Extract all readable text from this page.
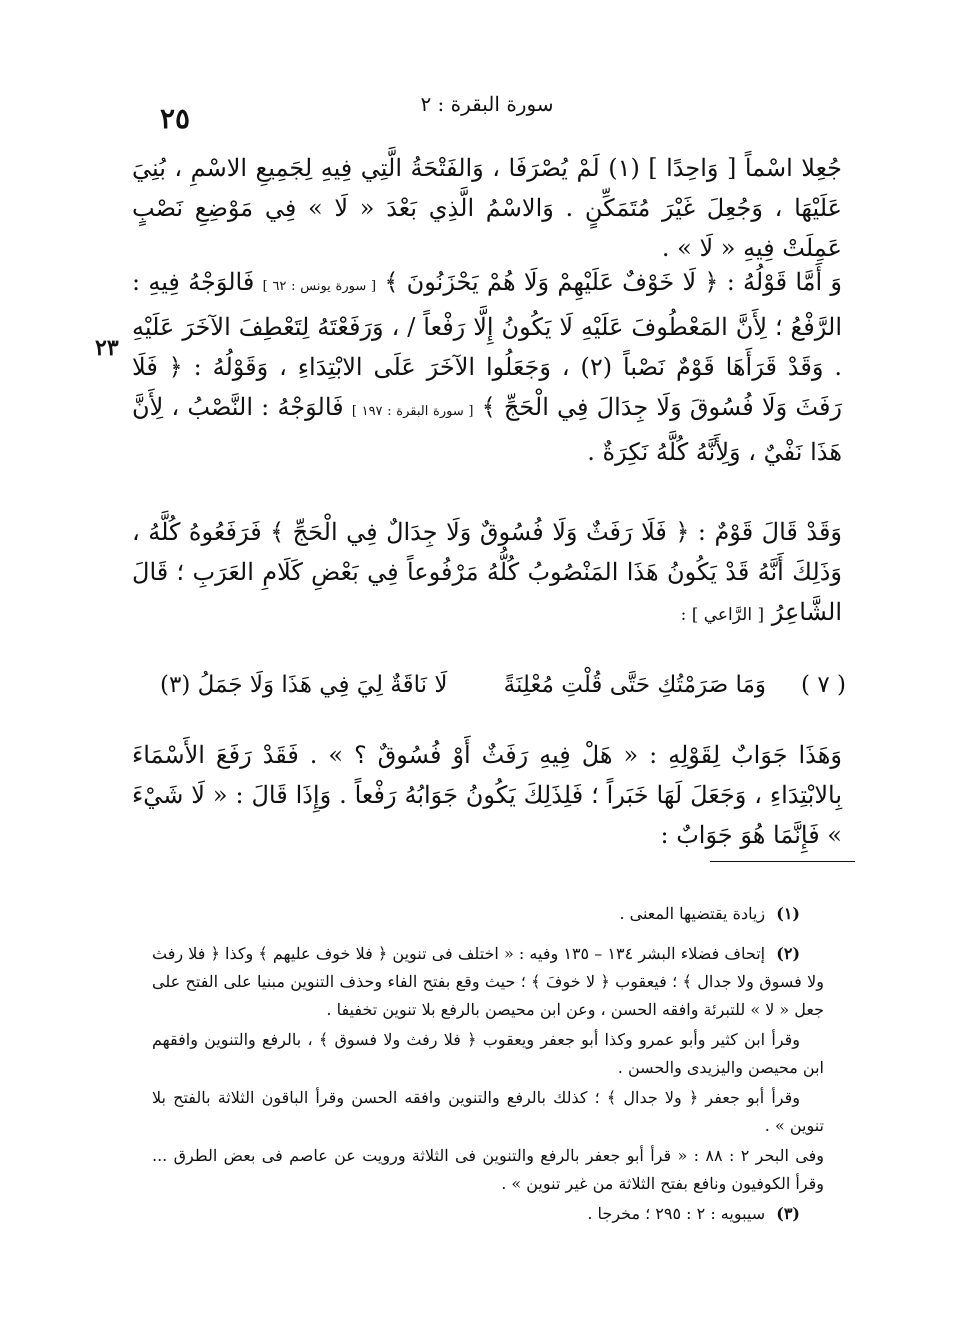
٢٥	سورة البقرة : ٢
٢٣

جُعِلا اسْماً [ وَاحِدًا ] (١) لَمْ يُصْرَفَا ، وَالفَتْحَةُ الَّتِي فِيهِ لِجَمِيعِ الاسْمِ ، بُنِيَ عَلَيْهَا ، وَجُعِلَ غَيْرَ مُتَمَكِّنٍ . وَالاسْمُ الَّذِي بَعْدَ « لَا » فِي مَوْضِعِ نَصْبٍ عَمِلَتْ فِيهِ « لَا » .

وَ أَمَّا قَوْلُهُ : ﴿ لَا خَوْفٌ عَلَيْهِمْ وَلَا هُمْ يَحْزَنُونَ ﴾ [ سورة يونس : ٦٢ ] فَالوَجْهُ فِيهِ : الرَّفْعُ ؛ لِأَنَّ المَعْطُوفَ عَلَيْهِ لَا يَكُونُ إِلَّا رَفْعاً / ، وَرَفَعْتَهُ لِتَعْطِفَ الآخَرَ عَلَيْهِ . وَقَدْ قَرَأَهَا قَوْمٌ نَصْباً (٢) ، وَجَعَلُوا الآخَرَ عَلَى الابْتِدَاءِ ، وَقَوْلُهُ : ﴿ فَلَا رَفَثَ وَلَا فُسُوقَ وَلَا جِدَالَ فِي الْحَجِّ ﴾ [ سورة البقرة : ١٩٧ ] فَالوَجْهُ : النَّصْبُ ، لِأَنَّ هَذَا نَفْيٌ ، وَلِأَنَّهُ كُلَّهُ نَكِرَةٌ .

وَقَدْ قَالَ قَوْمٌ : ﴿ فَلَا رَفَثٌ وَلَا فُسُوقٌ وَلَا جِدَالٌ فِي الْحَجِّ ﴾ فَرَفَعُوهُ كُلَّهُ ، وَذَلِكَ أَنَّهُ قَدْ يَكُونُ هَذَا المَنْصُوبُ كُلُّهُ مَرْفُوعاً فِي بَعْضِ كَلَامِ العَرَبِ ؛ قَالَ الشَّاعِرُ [ الرَّاعي ] :

( ٧ )
وَمَا صَرَمْتُكِ حَتَّى قُلْتِ مُعْلِنَةً
لَا نَاقَةٌ لِيَ فِي هَذَا وَلَا جَمَلُ (٣)

وَهَذَا جَوَابٌ لِقَوْلِهِ : « هَلْ فِيهِ رَفَثٌ أَوْ فُسُوقٌ ؟ » . فَقَدْ رَفَعَ الأَسْمَاءَ بِالابْتِدَاءِ ، وَجَعَلَ لَهَا خَبَراً ؛ فَلِذَلِكَ يَكُونُ جَوَابُهُ رَفْعاً . وَإِذَا قَالَ : « لَا شَيْءَ » فَإِنَّمَا هُوَ جَوَابٌ :

(١) زيادة يقتضيها المعنى .

(٢) إتحاف فضلاء البشر ١٣٤ – ١٣٥ وفيه : « اختلف فى تنوين ﴿ فلا خوف عليهم ﴾ وكذا ﴿ فلا رفث ولا فسوق ولا جدال ﴾ ؛ فيعقوب ﴿ لا خوفَ ﴾ ؛ حيث وقع بفتح الفاء وحذف التنوين مبنيا على الفتح على جعل « لا » للتبرئة وافقه الحسن ، وعن ابن محيصن بالرفع بلا تنوين تخفيفا .

وقرأ ابن كثير وأبو عمرو وكذا أبو جعفر ويعقوب ﴿ فلا رفث ولا فسوق ﴾ ، بالرفع والتنوين وافقهم ابن محيصن واليزيدى والحسن .

وقرأ أبو جعفر ﴿ ولا جدال ﴾ ؛ كذلك بالرفع والتنوين وافقه الحسن وقرأ الباقون الثلاثة بالفتح بلا تنوين » .

وفى البحر ٢ : ٨٨ : « قرأ أبو جعفر بالرفع والتنوين فى الثلاثة ورويت عن عاصم فى بعض الطرق ... وقرأ الكوفيون ونافع بفتح الثلاثة من غير تنوين » .

(٣) سيبويه : ٢ : ٢٩٥ ؛ مخرجا .
